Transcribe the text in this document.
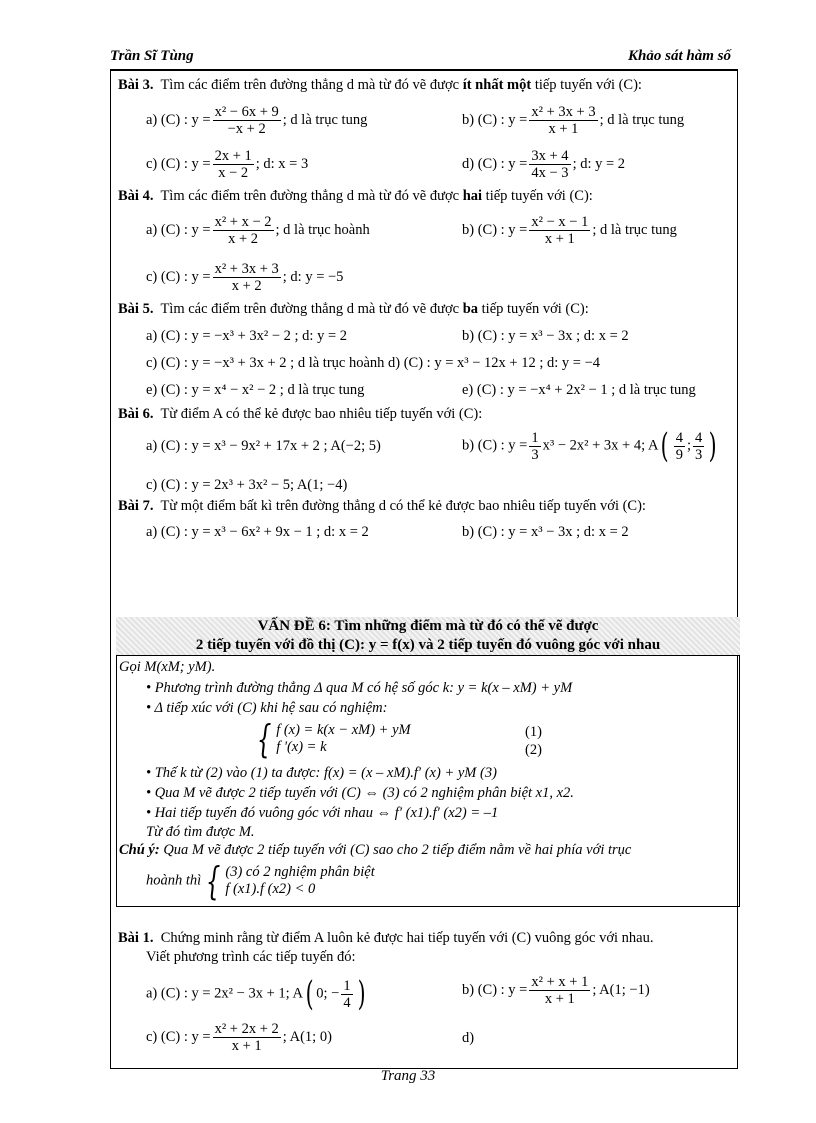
Trần Sĩ Tùng	Khảo sát hàm số
Bài 3. Tìm các điểm trên đường thẳng d mà từ đó vẽ được ít nhất một tiếp tuyến với (C):
a) (C) : $y = \frac{\text{x² − 6x + 9}}{-x + 2}$ ; d là trục tung	b) (C) : $y = \frac{\text{x² + 3x + 3}}{x + 1}$ ; d là trục tung
c) (C) : $y = \frac{2x + 1}{x - 2}$ ; d: x = 3	d) (C) : $y = \frac{3x + 4}{4x - 3}$ ; d: y = 2
Bài 4. Tìm các điểm trên đường thẳng d mà từ đó vẽ được hai tiếp tuyến với (C):
a) (C) : $y = \frac{\text{x² + x − 2}}{x + 2}$ ; d là trục hoành	b) (C) : $y = \frac{\text{x² − x − 1}}{x + 1}$ ; d là trục tung
c) (C) : $y = \frac{\text{x² + 3x + 3}}{x + 2}$ ; d: y = −5
Bài 5. Tìm các điểm trên đường thẳng d mà từ đó vẽ được ba tiếp tuyến với (C):
a) (C) : y = −x³ + 3x² − 2 ; d: y = 2	b) (C) : y = x³ − 3x ; d: x = 2
c) (C) : y = −x³ + 3x + 2 ; d là trục hoành d) (C) : y = x³ − 12x + 12 ; d: y = −4
e) (C) : y = x⁴ − x² − 2 ; d là trục tung	e) (C) : y = −x⁴ + 2x² − 1 ; d là trục tung
Bài 6. Từ điểm A có thể kẻ được bao nhiêu tiếp tuyến với (C):
a) (C) : y = x³ − 9x² + 17x + 2 ; A(−2; 5)	b) (C) : $y = \frac{1}{3} x^3 - 2x^2 + 3x + 4$; $A( \frac{4}{9}$ ; $\frac{4}{3}$ )
c) (C) : y = 2x³ + 3x² − 5; A(1; −4)
Bài 7. Từ một điểm bất kì trên đường thẳng d có thể kẻ được bao nhiêu tiếp tuyến với (C):
a) (C) : y = x³ − 6x² + 9x − 1 ; d: x = 2	b) (C) : y = x³ − 3x ; d: x = 2
VẤN ĐỀ 6: Tìm những điểm mà từ đó có thể vẽ được
2 tiếp tuyến với đồ thị (C): y = f(x) và 2 tiếp tuyến đó vuông góc với nhau
Gọi M(xM; yM).
• Phương trình đường thẳng Δ qua M có hệ số góc k: y = k(x – xM) + yM
• Δ tiếp xúc với (C) khi hệ sau có nghiệm:
{ f (x) = k(x − xM) + yM
f '(x) = k
(1)
(2)
• Thế k từ (2) vào (1) ta được: f(x) = (x – xM).f′ (x) + yM (3)
• Qua M vẽ được 2 tiếp tuyến với (C) ⇔ (3) có 2 nghiệm phân biệt x1, x2.
• Hai tiếp tuyến đó vuông góc với nhau ⇔ f′ (x1).f′ (x2) = –1
Từ đó tìm được M.
Chú ý: Qua M vẽ được 2 tiếp tuyến với (C) sao cho 2 tiếp điểm nằm về hai phía với trục
hoành thì { (3) có 2 nghiệm phân biệt
f (x1).f (x2) < 0
Bài 1. Chứng minh rằng từ điểm A luôn kẻ được hai tiếp tuyến với (C) vuông góc với nhau.
Viết phương trình các tiếp tuyến đó:
a) (C) : y = 2x² − 3x + 1; A( 0; − $\frac{1}{4}$ )	b) (C) : $y = \frac{\text{x² + x + 1}}{x + 1}$ ; A(1; −1)
c) (C) : $y = \frac{\text{x² + 2x + 2}}{x + 1}$ ; A(1; 0)	d)
Trang 33
